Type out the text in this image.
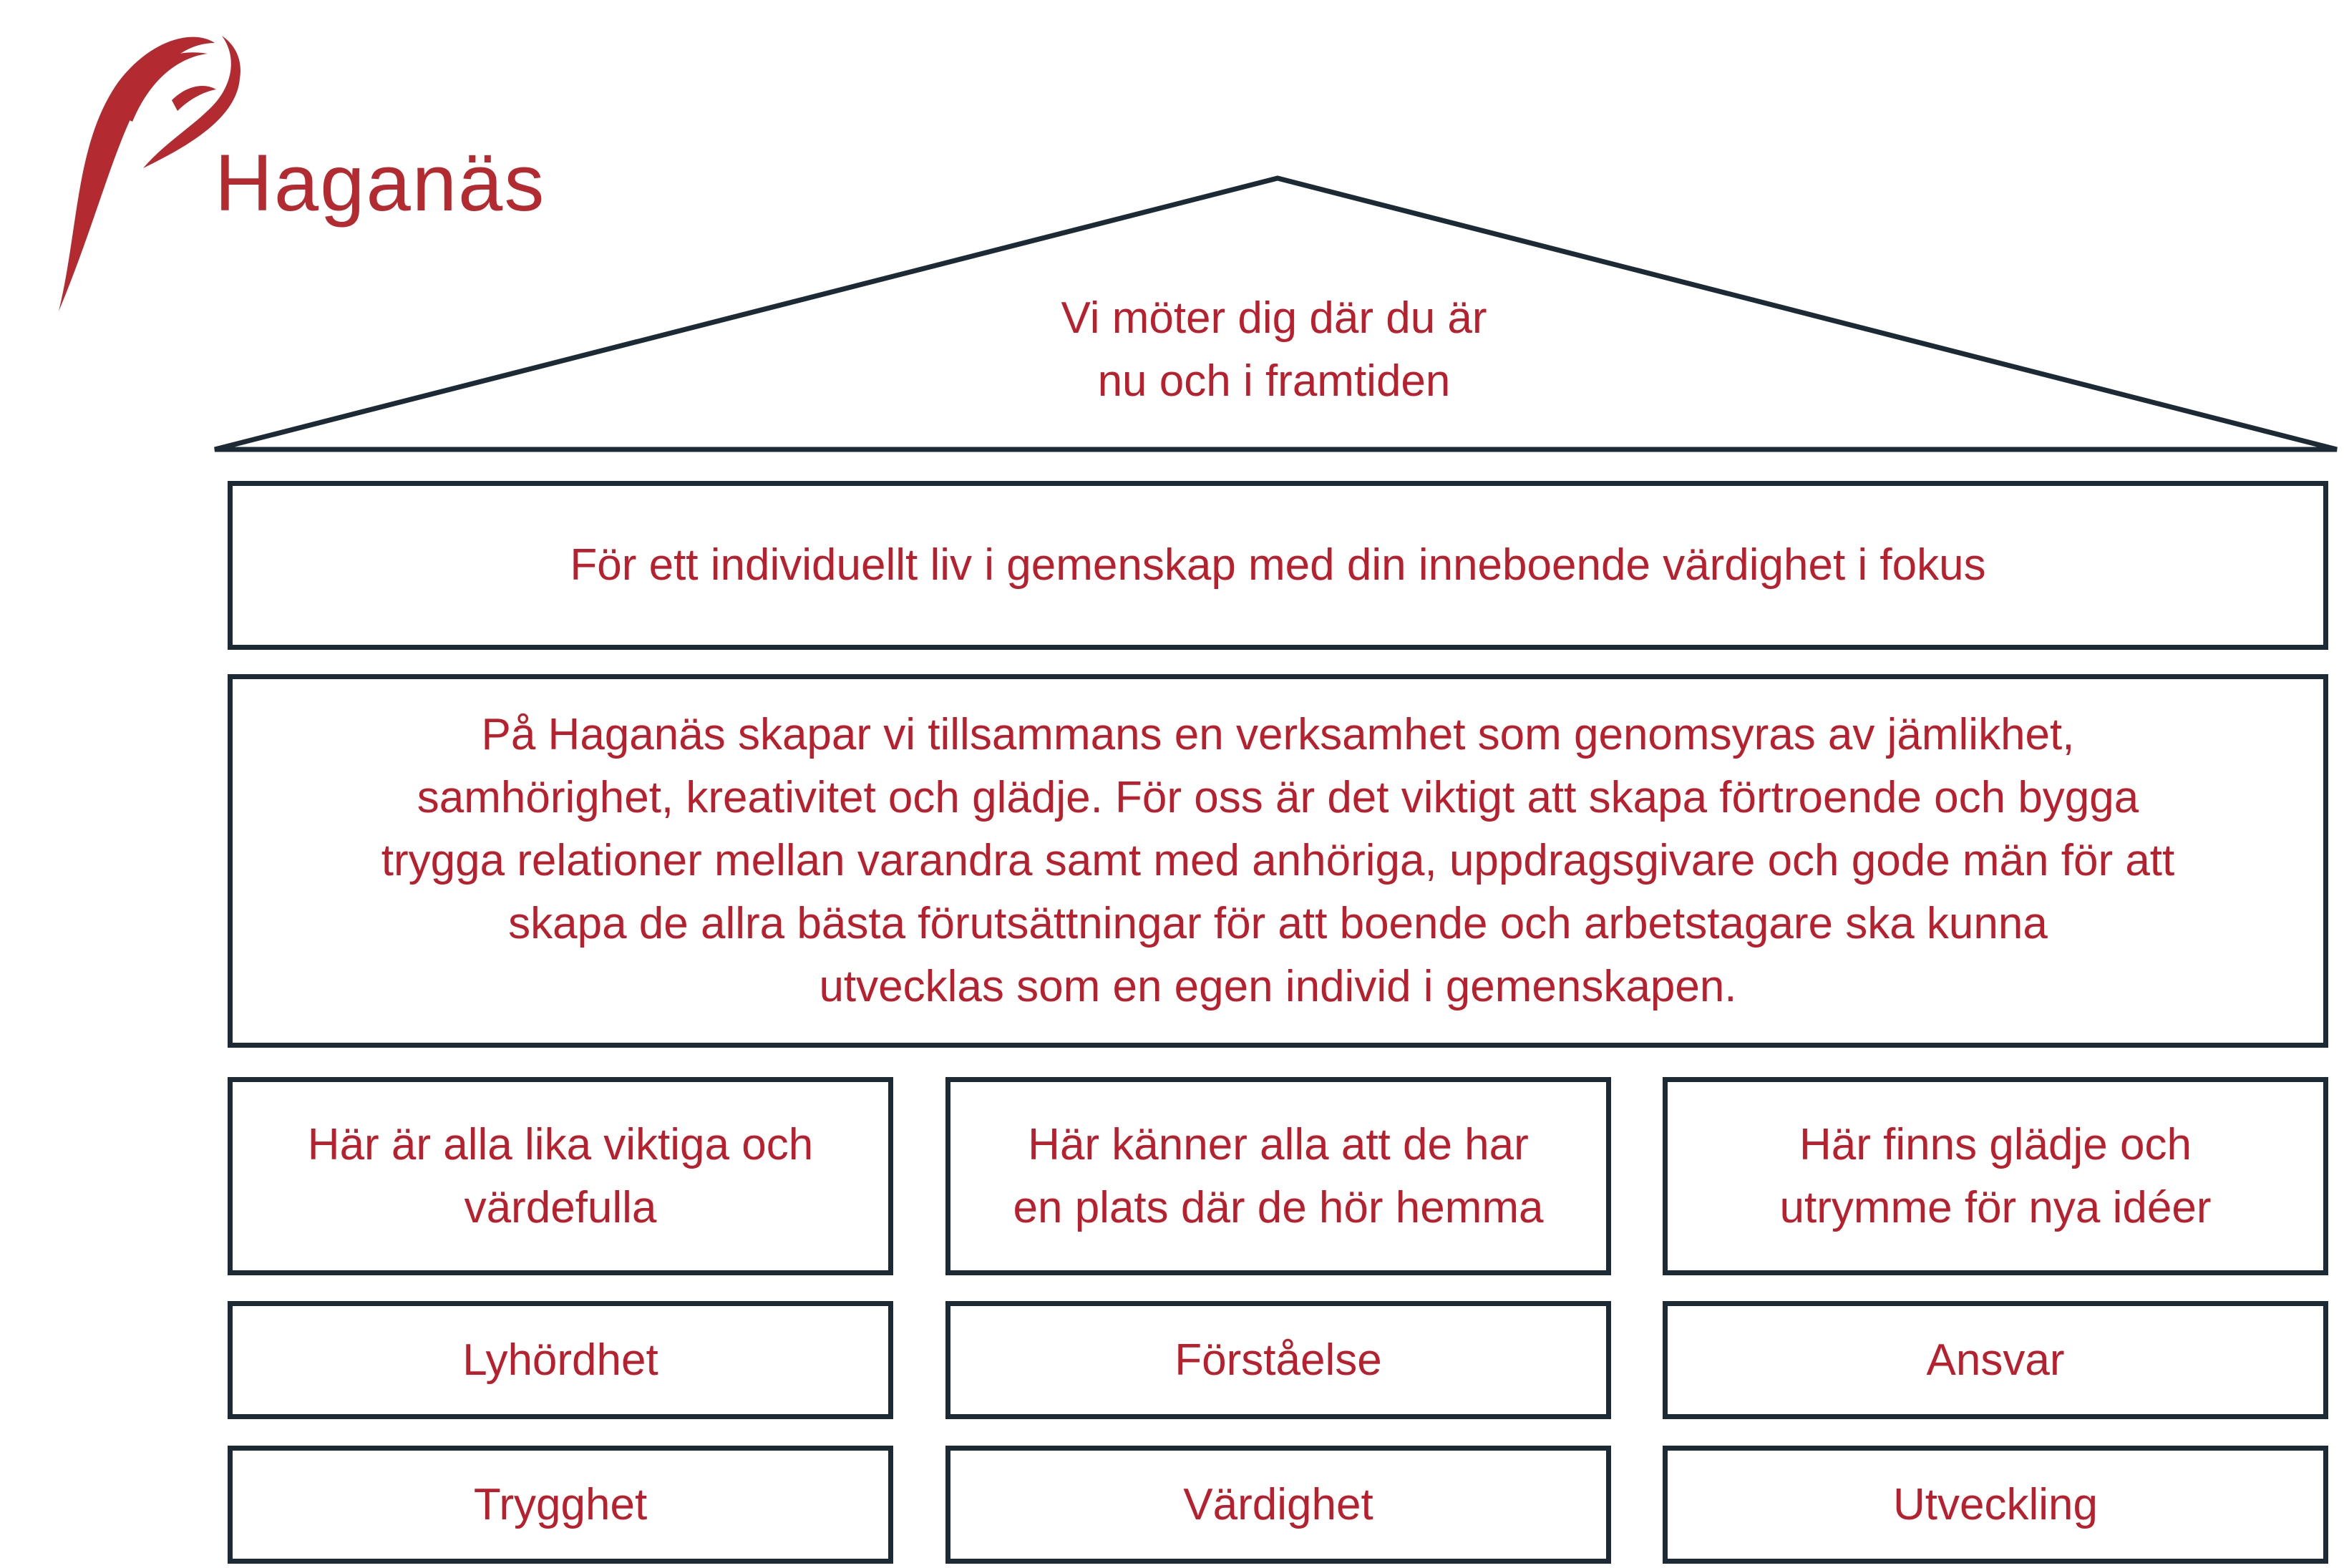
Haganäs
Vi möter dig där du är
nu och i framtiden
För ett individuellt liv i gemenskap med din inneboende värdighet i fokus
På Haganäs skapar vi tillsammans en verksamhet som genomsyras av jämlikhet,
samhörighet, kreativitet och glädje. För oss är det viktigt att skapa förtroende och bygga
trygga relationer mellan varandra samt med anhöriga, uppdragsgivare och gode män för att
skapa de allra bästa förutsättningar för att boende och arbetstagare ska kunna
utvecklas som en egen individ i gemenskapen.
Här är alla lika viktiga och
värdefulla
Här känner alla att de har
en plats där de hör hemma
Här finns glädje och
utrymme för nya idéer
Lyhördhet	Förståelse	Ansvar
Trygghet	Värdighet	Utveckling
